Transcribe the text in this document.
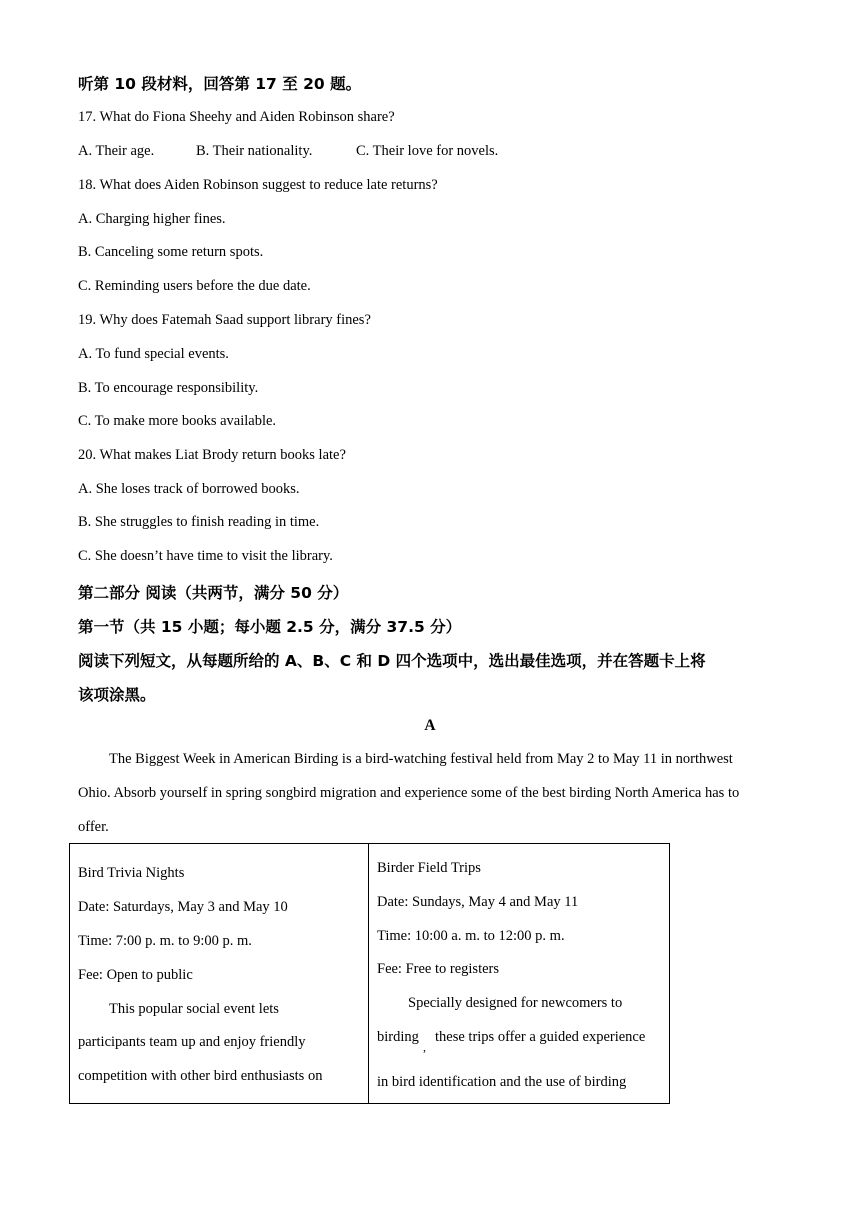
听第 10 段材料，回答第 17 至 20 题。
17. What do Fiona Sheehy and Aiden Robinson share?
A. Their age.	B. Their nationality.	C. Their love for novels.
18. What does Aiden Robinson suggest to reduce late returns?
A. Charging higher fines.
B. Canceling some return spots.
C. Reminding users before the due date.
19. Why does Fatemah Saad support library fines?
A. To fund special events.
B. To encourage responsibility.
C. To make more books available.
20. What makes Liat Brody return books late?
A. She loses track of borrowed books.
B. She struggles to finish reading in time.
C. She doesn’t have time to visit the library.
第二部分 阅读（共两节，满分 50 分）
第一节（共 15 小题；每小题 2.5 分，满分 37.5 分）
阅读下列短文，从每题所给的 A、B、C 和 D 四个选项中，选出最佳选项，并在答题卡上将
该项涂黑。
A
The Biggest Week in American Birding is a bird-watching festival held from May 2 to May 11 in northwest
Ohio. Absorb yourself in spring songbird migration and experience some of the best birding North America has to
offer.
Bird Trivia Nights
Date: Saturdays, May 3 and May 10
Time: 7:00 p. m. to 9:00 p. m.
Fee: Open to public
This popular social event lets
participants team up and enjoy friendly
competition with other bird enthusiasts on

Birder Field Trips
Date: Sundays, May 4 and May 11
Time: 10:00 a. m. to 12:00 p. m.
Fee: Free to registers
Specially designed for newcomers to
birding
,
these trips offer a guided experience
in bird identification and the use of birding
